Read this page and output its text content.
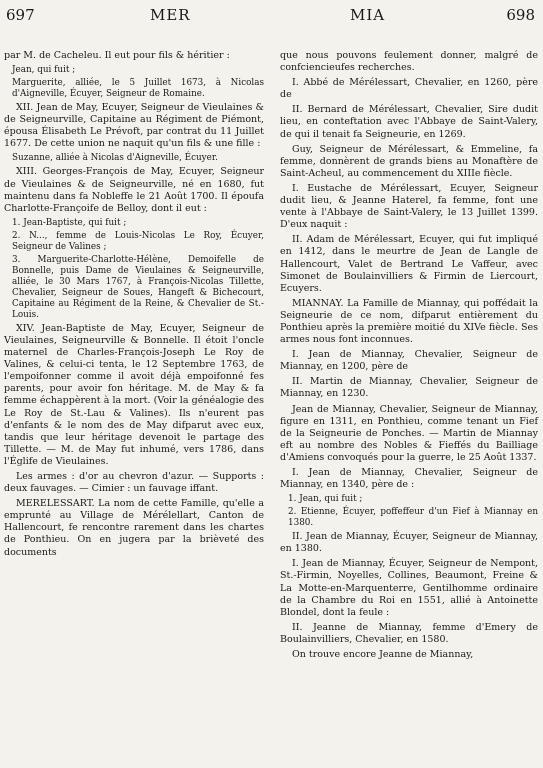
697	MER	MIA	698

par M. de Cacheleu. Il eut pour fils & héritier :

Jean, qui fuit ;

Marguerite, alliée, le 5 Juillet 1673, à Nicolas d'Aigneville, Écuyer, Seigneur de Romaine.

XII. Jean de May, Ecuyer, Seigneur de Vieulaines & de Seigneurville, Capitaine au Régiment de Piémont, épousa Élisabeth Le Prévoft, par contrat du 11 Juillet 1677. De cette union ne naquit qu'un fils & une fille :

Suzanne, alliée à Nicolas d'Aigneville, Écuyer.

XIII. Georges-François de May, Ecuyer, Seigneur de Vieulaines & de Seigneurville, né en 1680, fut maintenu dans fa Nobleffe le 21 Août 1700. Il époufa Charlotte-Françoife de Belloy, dont il eut :

1. Jean-Baptiste, qui fuit ;

2. N..., femme de Louis-Nicolas Le Roy, Écuyer, Seigneur de Valines ;

3. Marguerite-Charlotte-Hélène, Demoifelle de Bonnelle, puis Dame de Vieulaines & Seigneurville, alliée, le 30 Mars 1767, à François-Nicolas Tillette, Chevalier, Seigneur de Soues, Hangeft & Bichecourt, Capitaine au Régiment de la Reine, & Chevalier de St.-Louis.

XIV. Jean-Baptiste de May, Ecuyer, Seigneur de Vieulaines, Seigneurville & Bonnelle. Il étoit l'oncle maternel de Charles-François-Joseph Le Roy de Valines, & celui-ci tenta, le 12 Septembre 1763, de l'empoifonner comme il avoit déjà empoifonné fes parents, pour avoir fon héritage. M. de May & fa femme échappèrent à la mort. (Voir la généalogie des Le Roy de St.-Lau & Valines). Ils n'eurent pas d'enfants & le nom des de May difparut avec eux, tandis que leur héritage devenoit le partage des Tillette. — M. de May fut inhumé, vers 1786, dans l'Églife de Vieulaines.

Les armes : d'or au chevron d'azur. — Supports : deux fauvages. — Cimier : un fauvage iffant.

MERELESSART. La nom de cette Famille, qu'elle a emprunté au Village de Mérélellart, Canton de Hallencourt, fe rencontre rarement dans les chartes de Ponthieu. On en jugera par la brièveté des documents

que nous pouvons feulement donner, malgré de confciencieufes recherches.

I. Abbé de Mérélessart, Chevalier, en 1260, père de

II. Bernard de Mérélessart, Chevalier, Sire dudit lieu, en conteftation avec l'Abbaye de Saint-Valery, de qui il tenait fa Seigneurie, en 1269.

Guy, Seigneur de Mérélessart, & Emmeline, fa femme, donnèrent de grands biens au Monaftère de Saint-Acheul, au commencement du XIIIe fiècle.

I. Eustache de Mérélessart, Ecuyer, Seigneur dudit lieu, & Jeanne Haterel, fa femme, font une vente à l'Abbaye de Saint-Valery, le 13 Juillet 1399. D'eux naquit :

II. Adam de Mérélessart, Ecuyer, qui fut impliqué en 1412, dans le meurtre de Jean de Langle de Hallencourt, Valet de Bertrand Le Vaffeur, avec Simonet de Boulainvilliers & Firmin de Liercourt, Ecuyers.

MIANNAY. La Famille de Miannay, qui poffédait la Seigneurie de ce nom, difparut entièrement du Ponthieu après la première moitié du XIVe fiècle. Ses armes nous font inconnues.

I. Jean de Miannay, Chevalier, Seigneur de Miannay, en 1200, père de

II. Martin de Miannay, Chevalier, Seigneur de Miannay, en 1230.

Jean de Miannay, Chevalier, Seigneur de Miannay, figure en 1311, en Ponthieu, comme tenant un Fief de la Seigneurie de Ponches. — Martin de Miannay eft au nombre des Nobles & Fieffés du Bailliage d'Amiens convoqués pour la guerre, le 25 Août 1337.

I. Jean de Miannay, Chevalier, Seigneur de Miannay, en 1340, père de :

1. Jean, qui fuit ;

2. Etienne, Écuyer, poffeffeur d'un Fief à Miannay en 1380.

II. Jean de Miannay, Écuyer, Seigneur de Miannay, en 1380.

I. Jean de Miannay, Écuyer, Seigneur de Nempont, St.-Firmin, Noyelles, Collines, Beaumont, Freine & La Motte-en-Marquenterre, Gentilhomme ordinaire de la Chambre du Roi en 1551, allié à Antoinette Blondel, dont la feule :

II. Jeanne de Miannay, femme d'Emery de Boulainvilliers, Chevalier, en 1580.

On trouve encore Jeanne de Miannay,
